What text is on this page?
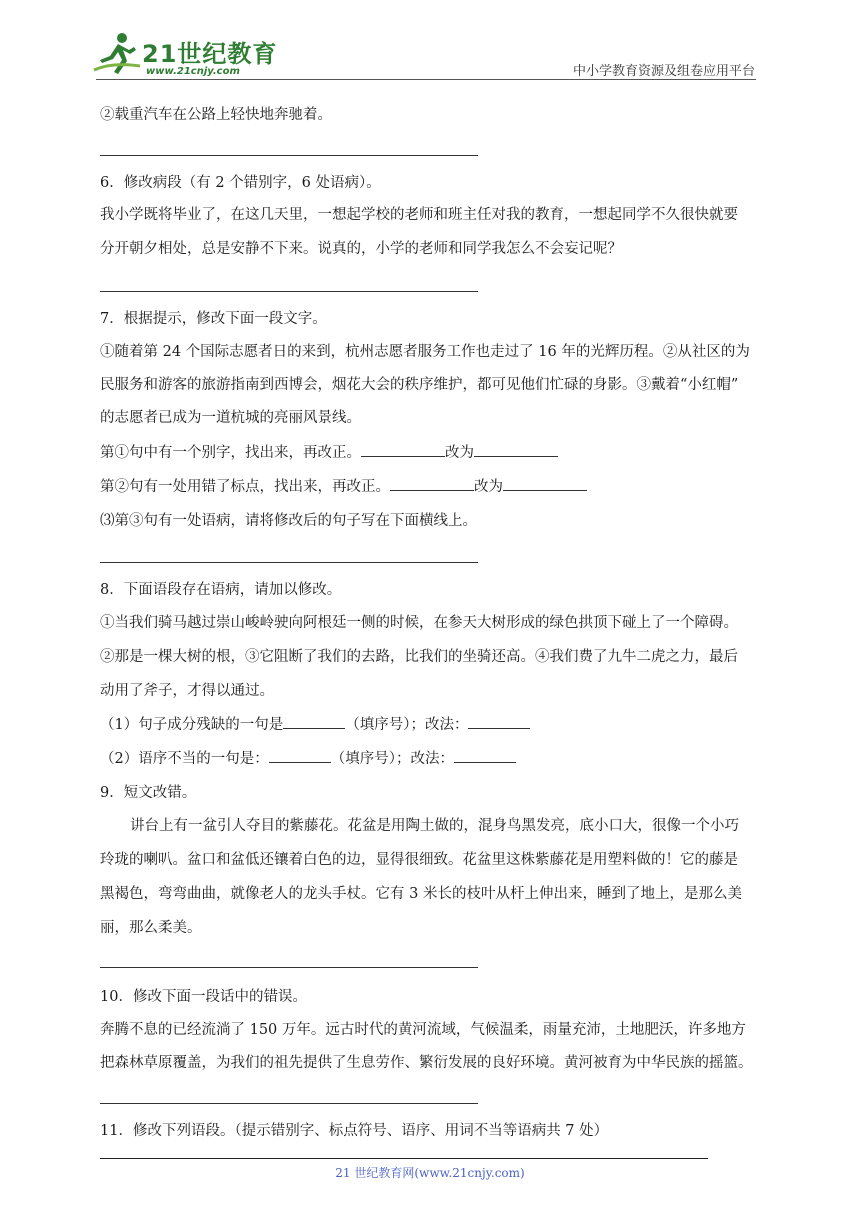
21世纪教育
www.21cnjy.com	中小学教育资源及组卷应用平台
②载重汽车在公路上轻快地奔驰着。
6．修改病段（有 2 个错别字，6 处语病）。
我小学既将毕业了，在这几天里，一想起学校的老师和班主任对我的教育，一想起同学不久很快就要
分开朝夕相处，总是安静不下来。说真的，小学的老师和同学我怎么不会妄记呢？
7．根据提示，修改下面一段文字。
①随着第 24 个国际志愿者日的来到，杭州志愿者服务工作也走过了 16 年的光辉历程。②从社区的为
民服务和游客的旅游指南到西博会，烟花大会的秩序维护，都可见他们忙碌的身影。③戴着“小红帽”
的志愿者已成为一道杭城的亮丽风景线。
第①句中有一个别字，找出来，再改正。	改为
第②句有一处用错了标点，找出来，再改正。	改为
⑶第③句有一处语病，请将修改后的句子写在下面横线上。
8．下面语段存在语病，请加以修改。
①当我们骑马越过崇山峻岭驶向阿根廷一侧的时候，在参天大树形成的绿色拱顶下碰上了一个障碍。
②那是一棵大树的根，③它阻断了我们的去路，比我们的坐骑还高。④我们费了九牛二虎之力，最后
动用了斧子，才得以通过。
（1）句子成分残缺的一句是	（填序号）；改法：
（2）语序不当的一句是：	（填序号）；改法：
9．短文改错。
讲台上有一盆引人夺目的紫藤花。花盆是用陶土做的，混身鸟黑发亮，底小口大，很像一个小巧
玲珑的喇叭。盆口和盆低还镶着白色的边，显得很细致。花盆里这株紫藤花是用塑料做的！它的藤是
黑褐色，弯弯曲曲，就像老人的龙头手杖。它有 3 米长的枝叶从杆上伸出来，睡到了地上，是那么美
丽，那么柔美。
10．修改下面一段话中的错误。
奔腾不息的已经流淌了 150 万年。远古时代的黄河流域，气候温柔，雨量充沛，土地肥沃，许多地方
把森林草原覆盖，为我们的祖先提供了生息劳作、繁衍发展的良好环境。黄河被育为中华民族的摇篮。
11．修改下列语段。（提示错别字、标点符号、语序、用词不当等语病共 7 处）
21 世纪教育网(www.21cnjy.com)
